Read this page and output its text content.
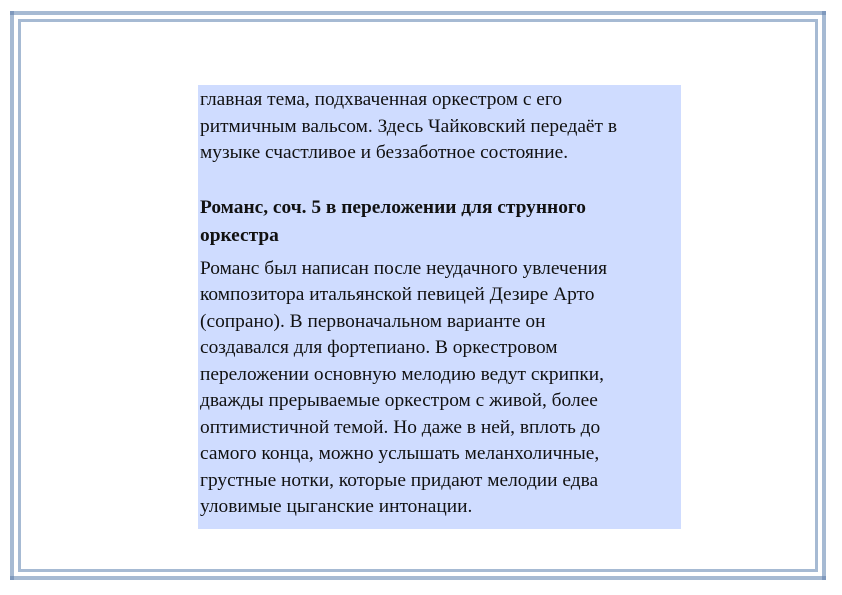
главная тема, подхваченная оркестром с его
ритмичным вальсом. Здесь Чайковский передаёт в
музыке счастливое и беззаботное состояние.

Романс, соч. 5 в переложении для струнного
оркестра

Романс был написан после неудачного увлечения
композитора итальянской певицей Дезире Арто
(сопрано). В первоначальном варианте он
создавался для фортепиано. В оркестровом
переложении основную мелодию ведут скрипки,
дважды прерываемые оркестром с живой, более
оптимистичной темой. Но даже в ней, вплоть до
самого конца, можно услышать меланхоличные,
грустные нотки, которые придают мелодии едва
уловимые цыганские интонации.
